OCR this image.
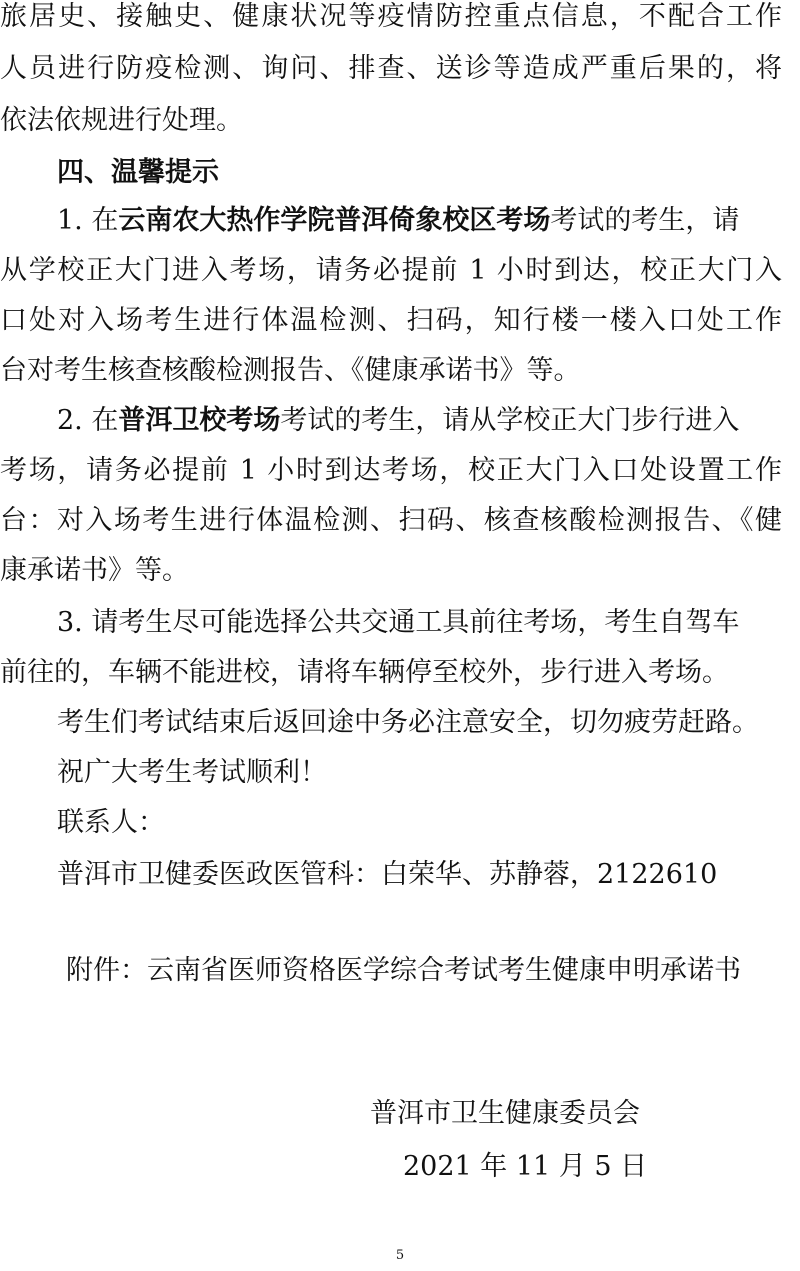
旅居史、接触史、健康状况等疫情防控重点信息，不配合工作
人员进行防疫检测、询问、排查、送诊等造成严重后果的，将
依法依规进行处理。
四、温馨提示
1. 在云南农大热作学院普洱倚象校区考场考试的考生，请
从学校正大门进入考场，请务必提前 1 小时到达，校正大门入
口处对入场考生进行体温检测、扫码，知行楼一楼入口处工作
台对考生核查核酸检测报告、《健康承诺书》等。
2. 在普洱卫校考场考试的考生，请从学校正大门步行进入
考场，请务必提前 1 小时到达考场，校正大门入口处设置工作
台：对入场考生进行体温检测、扫码、核查核酸检测报告、《健
康承诺书》等。
3. 请考生尽可能选择公共交通工具前往考场，考生自驾车
前往的，车辆不能进校，请将车辆停至校外，步行进入考场。
考生们考试结束后返回途中务必注意安全，切勿疲劳赶路。
祝广大考生考试顺利！
联系人：
普洱市卫健委医政医管科：白荣华、苏静蓉，2122610
附件：云南省医师资格医学综合考试考生健康申明承诺书
普洱市卫生健康委员会
2021 年 11 月 5 日
5
